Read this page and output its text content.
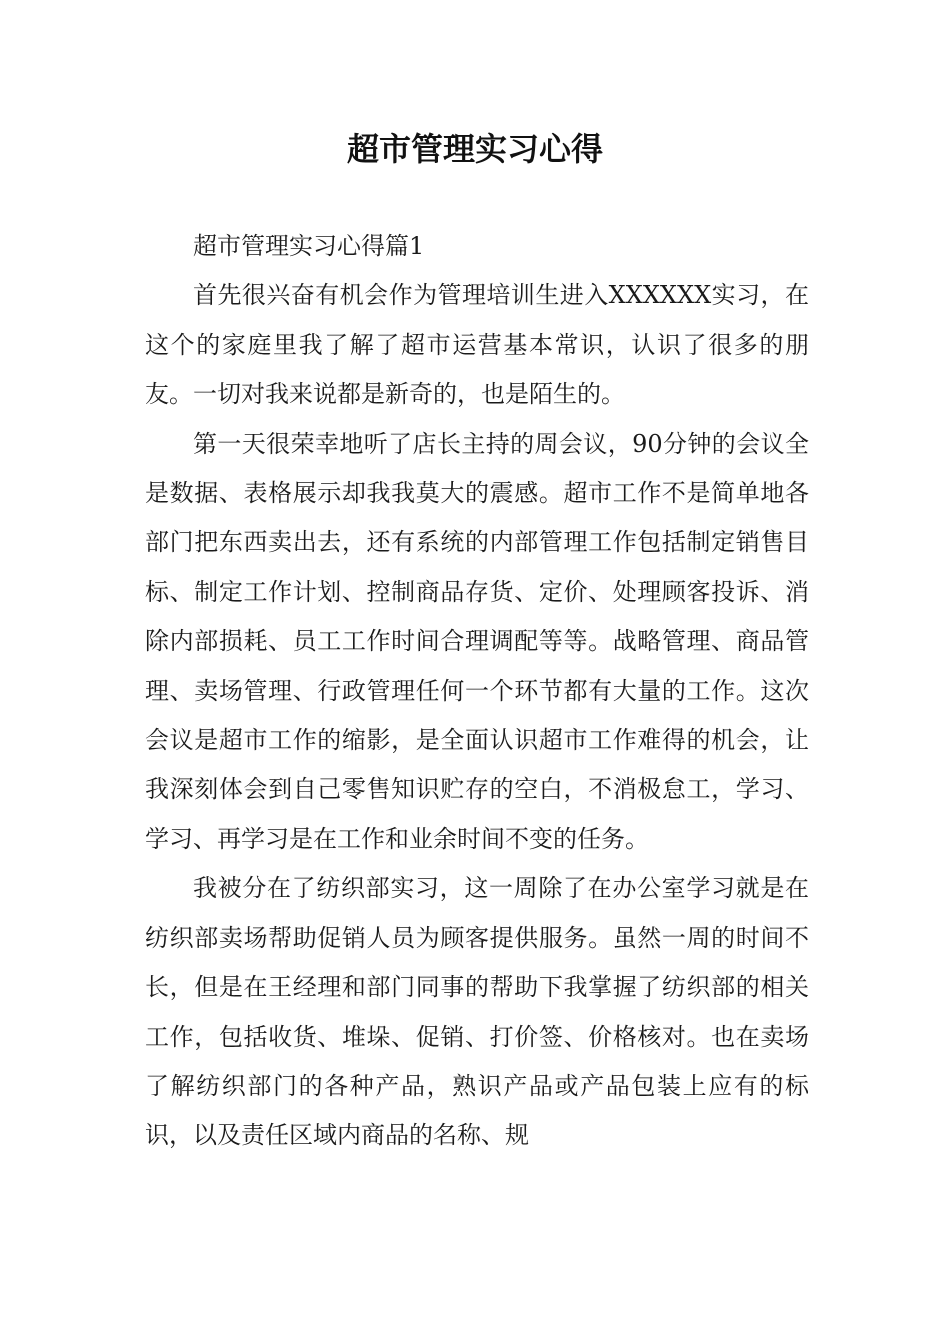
超市管理实习心得

超市管理实习心得篇1

首先很兴奋有机会作为管理培训生进入XXXXXX实习，在这个的家庭里我了解了超市运营基本常识，认识了很多的朋友。一切对我来说都是新奇的，也是陌生的。

第一天很荣幸地听了店长主持的周会议，90分钟的会议全是数据、表格展示却我我莫大的震感。超市工作不是简单地各部门把东西卖出去，还有系统的内部管理工作包括制定销售目标、制定工作计划、控制商品存货、定价、处理顾客投诉、消除内部损耗、员工工作时间合理调配等等。战略管理、商品管理、卖场管理、行政管理任何一个环节都有大量的工作。这次会议是超市工作的缩影，是全面认识超市工作难得的机会，让我深刻体会到自己零售知识贮存的空白，不消极怠工，学习、学习、再学习是在工作和业余时间不变的任务。

我被分在了纺织部实习，这一周除了在办公室学习就是在纺织部卖场帮助促销人员为顾客提供服务。虽然一周的时间不长，但是在王经理和部门同事的帮助下我掌握了纺织部的相关工作，包括收货、堆垛、促销、打价签、价格核对。也在卖场了解纺织部门的各种产品，熟识产品或产品包装上应有的标识，以及责任区域内商品的名称、规
